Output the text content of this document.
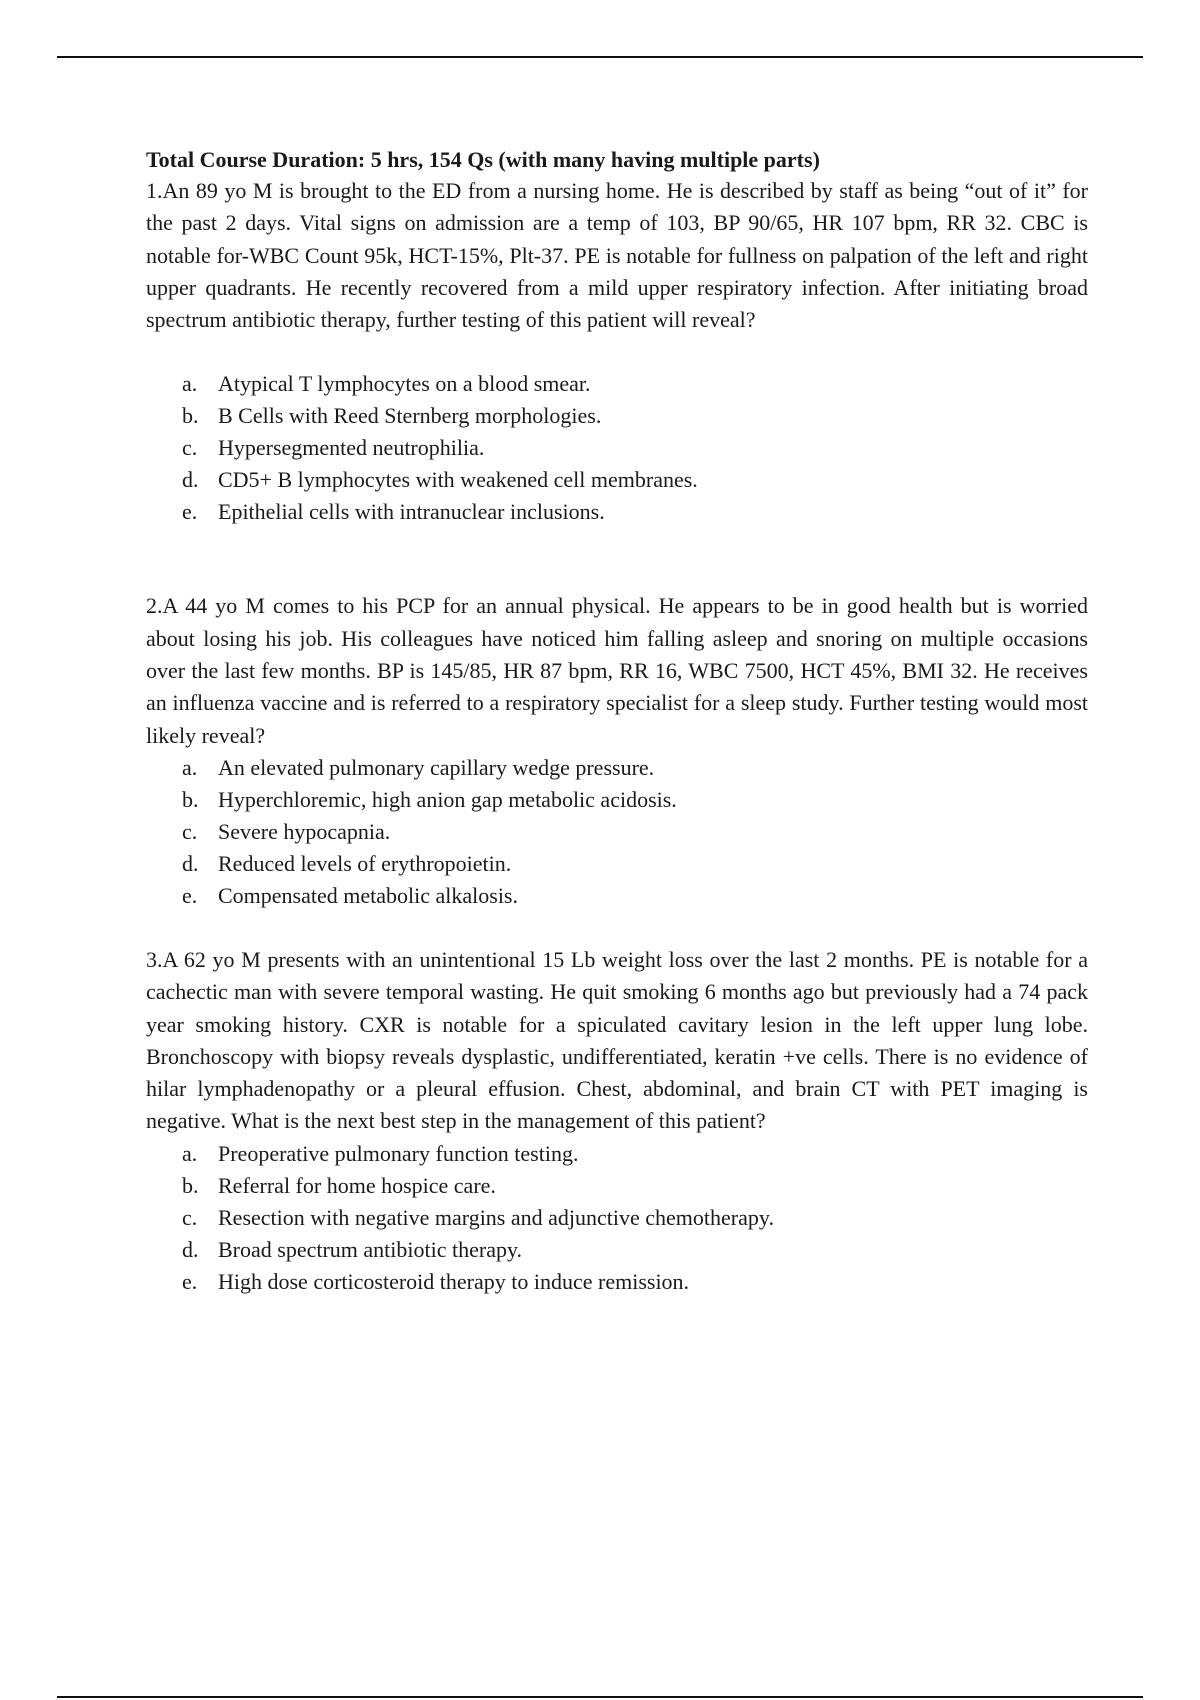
Total Course Duration: 5 hrs, 154 Qs (with many having multiple parts)

1.An 89 yo M is brought to the ED from a nursing home. He is described by staff as being “out of it” for the past 2 days. Vital signs on admission are a temp of 103, BP 90/65, HR 107 bpm, RR 32. CBC is notable for-WBC Count 95k, HCT-15%, Plt-37. PE is notable for fullness on palpation of the left and right upper quadrants. He recently recovered from a mild upper respiratory infection. After initiating broad spectrum antibiotic therapy, further testing of this patient will reveal?

a. Atypical T lymphocytes on a blood smear.
b. B Cells with Reed Sternberg morphologies.
c. Hypersegmented neutrophilia.
d. CD5+ B lymphocytes with weakened cell membranes.
e. Epithelial cells with intranuclear inclusions.

2.A 44 yo M comes to his PCP for an annual physical. He appears to be in good health but is worried about losing his job. His colleagues have noticed him falling asleep and snoring on multiple occasions over the last few months. BP is 145/85, HR 87 bpm, RR 16, WBC 7500, HCT 45%, BMI 32. He receives an influenza vaccine and is referred to a respiratory specialist for a sleep study. Further testing would most likely reveal?

a. An elevated pulmonary capillary wedge pressure.
b. Hyperchloremic, high anion gap metabolic acidosis.
c. Severe hypocapnia.
d. Reduced levels of erythropoietin.
e. Compensated metabolic alkalosis.

3.A 62 yo M presents with an unintentional 15 Lb weight loss over the last 2 months. PE is notable for a cachectic man with severe temporal wasting. He quit smoking 6 months ago but previously had a 74 pack year smoking history. CXR is notable for a spiculated cavitary lesion in the left upper lung lobe. Bronchoscopy with biopsy reveals dysplastic, undifferentiated, keratin +ve cells. There is no evidence of hilar lymphadenopathy or a pleural effusion. Chest, abdominal, and brain CT with PET imaging is negative. What is the next best step in the management of this patient?

a. Preoperative pulmonary function testing.
b. Referral for home hospice care.
c. Resection with negative margins and adjunctive chemotherapy.
d. Broad spectrum antibiotic therapy.
e. High dose corticosteroid therapy to induce remission.
